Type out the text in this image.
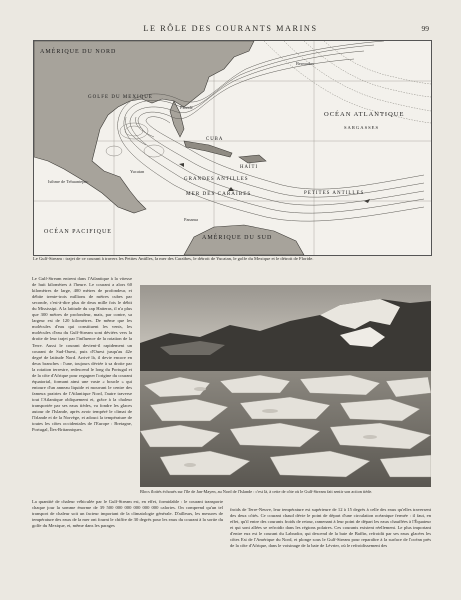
LE RÔLE DES COURANTS MARINS	99
AMÉRIQUE DU NORD
GOLFE DU MEXIQUE
OCÉAN ATLANTIQUE
SARGASSES
CUBA
HAÏTI
GRANDES ANTILLES
MER DES CARAÏBES	PETITES ANTILLES
AMÉRIQUE DU SUD
OCÉAN PACIFIQUE
Yucatan
Floride
Isthme de Tehuantepec
Panama
Bermudes
Le Gulf-Stream : trajet de ce courant à travers les Petites Antilles, la mer des Caraïbes, le détroit de Yucatan, le golfe du Mexique et le détroit de Floride.

Le Gulf-Stream entrent dans l'Atlantique à la vitesse de huit kilomètres à l'heure. Le courant a alors 60 kilomètres de large, 400 mètres de profondeur, et débite trente-trois millions de mètres cubes par seconde, c'est-à-dire plus de deux mille fois le débit du Mississipi. A la latitude du cap Hatteras, il n'a plus que 300 mètres de profondeur, mais, par contre, sa largeur est de 120 kilomètres. De même que les molécules d'eau qui constituent les vents, les molécules d'eau du Gulf-Stream sont déviées vers la droite de leur trajet par l'influence de la rotation de la Terre. Aussi le courant devient-il rapidement un courant de Sud-Ouest, puis d'Ouest jusqu'au 42e degré de latitude Nord. Arrivé là, il devie encore en deux branches : l'une, toujours déviée à sa droite par la rotation terrestre, redescend le long du Portugal et de la côte d'Afrique pour regagner l'origine du courant équatorial, formant ainsi une vaste « boucle » qui entoure d'un anneau liquide et mouvant le centre des fameux prairies de l'Atlantique Nord, l'autre traverse tout l'Atlantique obliquement et, grâce à la chaleur transportée par ses eaux tièdes, va fondre les glaces autour de l'Islande, après avoir tempéré le climat de l'Irlande et de la Norvège, et adouci la température de toutes les côtes occidentales de l'Europe : Bretagne, Portugal, Îles-Britanniques.

Blocs flottés échoués sur l'île de Jan-Mayen, au Nord de l'Islande : c'est là, à cette de côte où le Gulf-Stream fait sentir son action tiède.

La quantité de chaleur véhiculée par le Gulf-Stream est, en effet, formidable : le courant transporte chaque jour la somme énorme de 39 500 000 000 000 000 000 calories. On comprend qu'un tel transport de chaleur soit un facteur important de la climatologie générale. D'ailleurs, les mesures de température des eaux de la mer ont fourni le chiffre de 30 degrés pour les eaux du courant à la sortie du golfe du Mexique, et, même dans les parages

froids de Terre-Neuve, leur température est supérieure de 12 à 15 degrés à celle des eaux qu'elles traversent des deux côtés. Ce courant chaud dévie le point de départ d'une circulation océanique fermée : il faut, en effet, qu'il entre des courants froids de retour, ramenant à leur point de départ les eaux chauffées à l'Équateur et qui sont allées se refroidir dans les régions polaires. Ces courants existent réellement. Le plus important d'entre eux est le courant du Labrador, qui descend de la baie de Baffin, refroidit par ses eaux glacées les côtes Est de l'Amérique du Nord, et plonge sous le Gulf-Stream pour reparaître à la surface de l'océan près de la côte d'Afrique, dans le voisinage de la baie de Lévrier, où le refroidissement des
